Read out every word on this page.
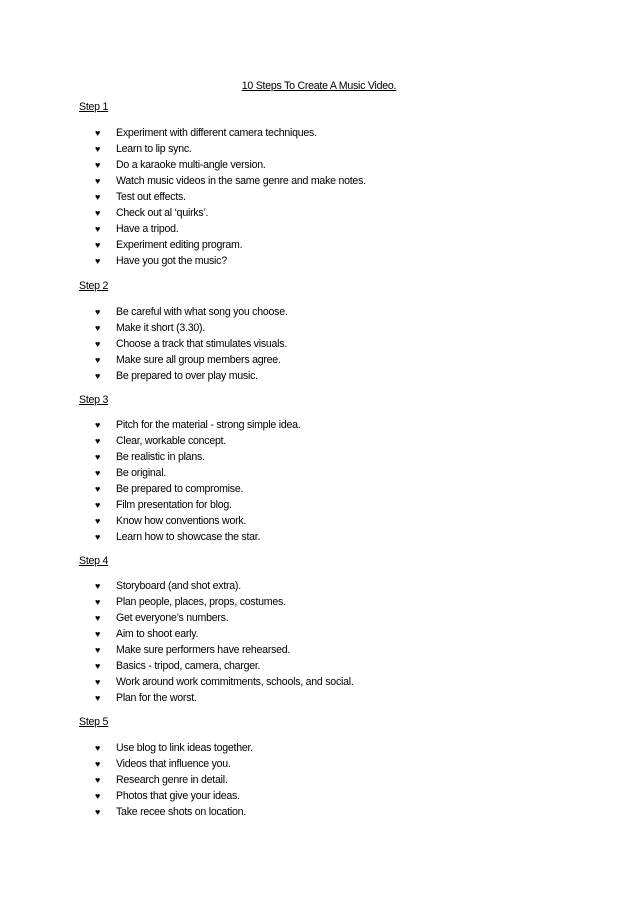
10 Steps To Create A Music Video.
Step 1
♥ Experiment with different camera techniques.
♥ Learn to lip sync.
♥ Do a karaoke multi-angle version.
♥ Watch music videos in the same genre and make notes.
♥ Test out effects.
♥ Check out al ‘quirks’.
♥ Have a tripod.
♥ Experiment editing program.
♥ Have you got the music?
Step 2
♥ Be careful with what song you choose.
♥ Make it short (3.30).
♥ Choose a track that stimulates visuals.
♥ Make sure all group members agree.
♥ Be prepared to over play music.
Step 3
♥ Pitch for the material - strong simple idea.
♥ Clear, workable concept.
♥ Be realistic in plans.
♥ Be original.
♥ Be prepared to compromise.
♥ Film presentation for blog.
♥ Know how conventions work.
♥ Learn how to showcase the star.
Step 4
♥ Storyboard (and shot extra).
♥ Plan people, places, props, costumes.
♥ Get everyone’s numbers.
♥ Aim to shoot early.
♥ Make sure performers have rehearsed.
♥ Basics - tripod, camera, charger.
♥ Work around work commitments, schools, and social.
♥ Plan for the worst.
Step 5
♥ Use blog to link ideas together.
♥ Videos that influence you.
♥ Research genre in detail.
♥ Photos that give your ideas.
♥ Take recee shots on location.
